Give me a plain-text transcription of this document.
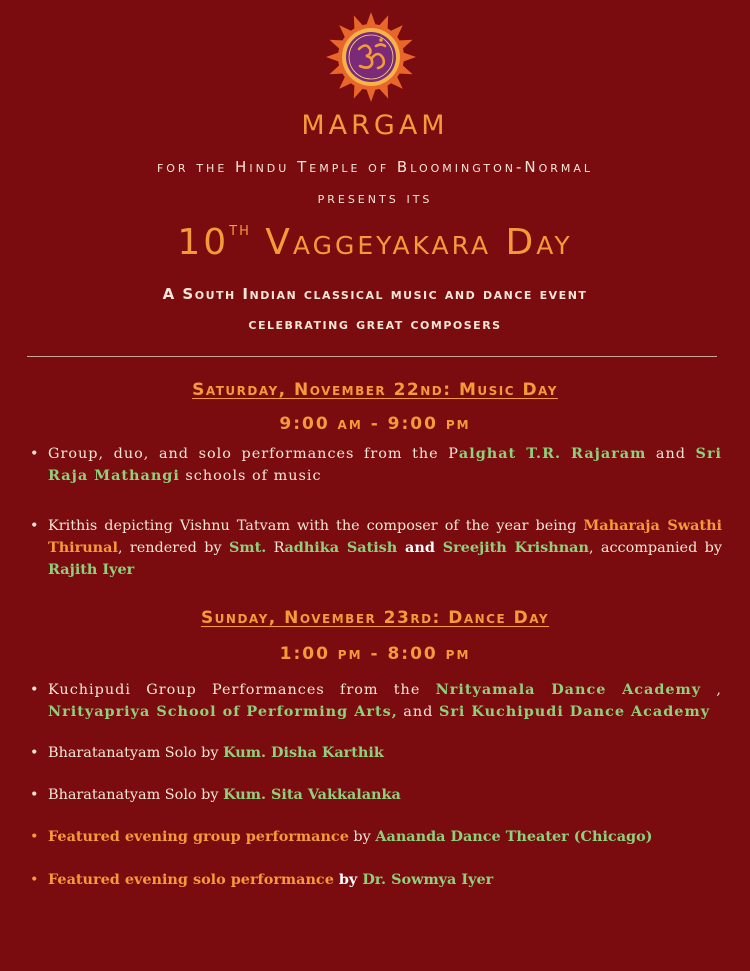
MARGAM
for the Hindu Temple of Bloomington-Normal
presents its
10th Vaggeyakara Day
A South Indian classical music and dance event
celebrating great composers
Saturday, November 22nd: Music Day
9:00 am - 9:00 pm
• Group, duo, and solo performances from the Palghat T.R. Rajaram and Sri Raja Mathangi schools of music
• Krithis depicting Vishnu Tatvam with the composer of the year being Maharaja Swathi Thirunal, rendered by Smt. Radhika Satish and Sreejith Krishnan, accompanied by Rajith Iyer
Sunday, November 23rd: Dance Day
1:00 pm - 8:00 pm
• Kuchipudi Group Performances from the Nrityamala Dance Academy , Nrityapriya School of Performing Arts, and Sri Kuchipudi Dance Academy
• Bharatanatyam Solo by Kum. Disha Karthik
• Bharatanatyam Solo by Kum. Sita Vakkalanka
• Featured evening group performance by Aananda Dance Theater (Chicago)
• Featured evening solo performance by Dr. Sowmya Iyer
